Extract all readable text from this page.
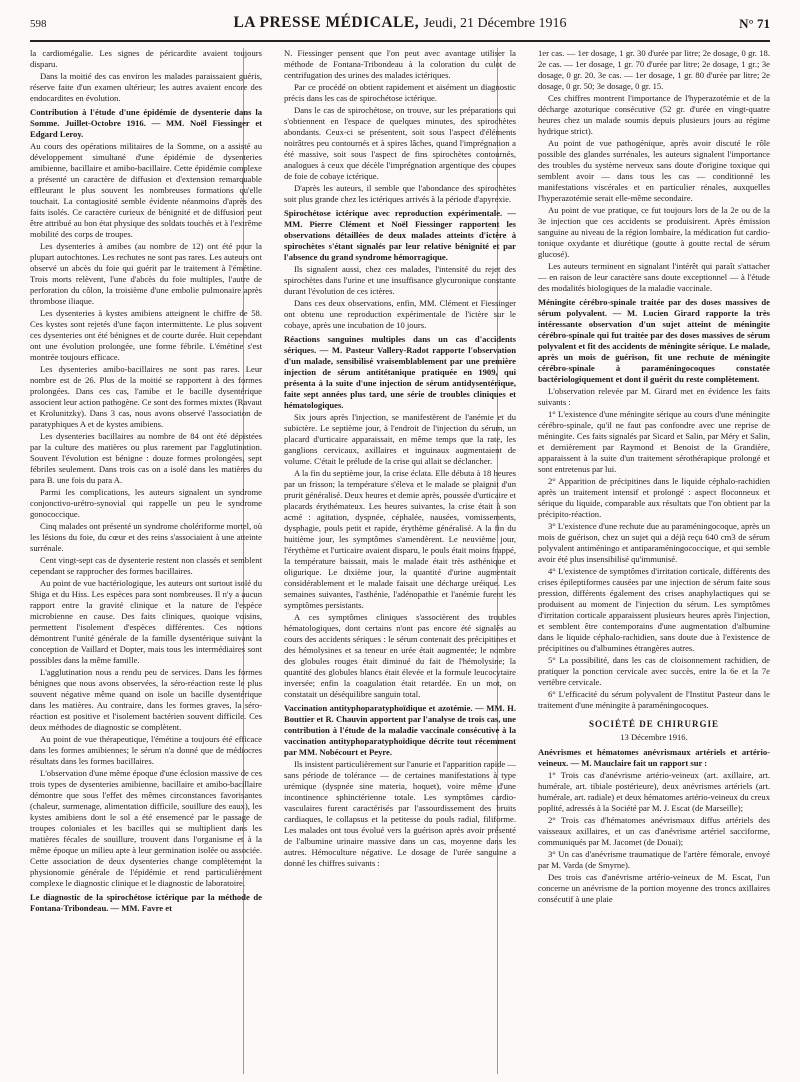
598	LA PRESSE MÉDICALE, Jeudi, 21 Décembre 1916	N° 71

la cardiomégalie. Les signes de péricardite avaient toujours disparu.

Dans la moitié des cas environ les malades paraissaient guéris, réserve faite d'un examen ultérieur; les autres avaient encore des endocardites en évolution.

Contribution à l'étude d'une épidémie de dysenterie dans la Somme. Juillet-Octobre 1916. — MM. Noël Fiessinger et Edgard Leroy.

Au cours des opérations militaires de la Somme, on a assisté au développement simultané d'une épidémie de dysenteries amibienne, bacillaire et amibo-bacillaire. Cette épidémie complexe a présenté un caractère de diffusion et d'extension remarquable effleurant le plus souvent les nombreuses formations qu'elle touchait. La contagiosité semble évidente néanmoins d'après des faits isolés. Ce caractère curieux de bénignité et de diffusion peut être attribué au bon état physique des soldats touchés et à l'extrême mobilité des corps de troupes.

Les dysenteries à amibes (au nombre de 12) ont été pour la plupart autochtones. Les rechutes ne sont pas rares. Les auteurs ont observé un abcès du foie qui guérit par le traitement à l'émétine. Trois morts relèvent, l'une d'abcès du foie multiples, l'autre de perforation du côlon, la troisième d'une embolie pulmonaire après thrombose iliaque.

Les dysenteries à kystes amibiens atteignent le chiffre de 58. Ces kystes sont rejetés d'une façon intermittente. Le plus souvent ces dysenteries ont été bénignes et de courte durée. Huit cependant ont une évolution prolongée, une forme fébrile. L'émétine s'est montrée toujours efficace.

Les dysenteries amibo-bacillaires ne sont pas rares. Leur nombre est de 26. Plus de la moitié se rapportent à des formes prolongées. Dans ces cas, l'amibe et le bacille dysentérique associent leur action pathogène. Ce sont des formes mixtes (Ravaut et Krolunitzky). Dans 3 cas, nous avons observé l'association de paratyphiques A et de kystes amibiens.

Les dysenteries bacillaires au nombre de 84 ont été dépistées par la culture des matières ou plus rarement par l'agglutination. Souvent l'évolution est bénigne : douze formes prolongées, sept fébriles seulement. Dans trois cas on a isolé dans les matières du para B. une fois du para A.

Parmi les complications, les auteurs signalent un syndrome conjonctivo-urétro-synovial qui rappelle un peu le syndrome gonococcique.

Cinq malades ont présenté un syndrome cholériforme mortel, où les lésions du foie, du cœur et des reins s'associaient à une atteinte surrénale.

Cent vingt-sept cas de dysenterie restent non classés et semblent cependant se rapprocher des formes bacillaires.

Au point de vue bactériologique, les auteurs ont surtout isolé du Shiga et du Hiss. Les espèces para sont nombreuses. Il n'y a aucun rapport entre la gravité clinique et la nature de l'espèce microbienne en cause. Des faits cliniques, quoique voisins, permettent l'isolement d'espèces différentes. Ces notions démontrent l'unité générale de la famille dysentérique suivant la conception de Vaillard et Dopter, mais tous les intermédiaires sont possibles dans la même famille.

L'agglutination nous a rendu peu de services. Dans les formes bénignes que nous avons observées, la séro-réaction reste le plus souvent négative même quand on isole un bacille dysentérique dans les matières. Au contraire, dans les formes graves, la séro-réaction est positive et l'isolement bactérien souvent difficile. Ces deux méthodes de diagnostic se complètent.

Au point de vue thérapeutique, l'émétine a toujours été efficace dans les formes amibiennes; le sérum n'a donné que de médiocres résultats dans les formes bacillaires.

L'observation d'une même époque d'une éclosion massive de ces trois types de dysenteries amibienne, bacillaire et amibo-bacillaire démontre que sous l'effet des mêmes circonstances favorisantes (chaleur, surmenage, alimentation difficile, souillure des eaux), les kystes amibiens dont le sol a été ensemencé par le passage de troupes coloniales et les bacilles qui se multiplient dans les matières fécales de souillure, trouvent dans l'organisme et à la même époque un milieu apte à leur germination isolée ou associée. Cette association de deux dysenteries change complètement la physionomie générale de l'épidémie et rend particulièrement complexe le diagnostic clinique et le diagnostic de laboratoire.

Le diagnostic de la spirochétose ictérique par la méthode de Fontana-Tribondeau. — MM. Favre et

N. Fiessinger pensent que l'on peut avec avantage utiliser la méthode de Fontana-Tribondeau à la coloration du culot de centrifugation des urines des malades ictériques.

Par ce procédé on obtient rapidement et aisément un diagnostic précis dans les cas de spirochétose ictérique.

Dans le cas de spirochétose, on trouve, sur les préparations qui s'obtiennent en l'espace de quelques minutes, des spirochètes abondants. Ceux-ci se présentent, soit sous l'aspect d'éléments noirâtres peu contournés et à spires lâches, quand l'imprégnation a été massive, soit sous l'aspect de fins spirochètes contournés, analogues à ceux que décèle l'imprégnation argentique des coupes de foie de cobaye ictérique.

D'après les auteurs, il semble que l'abondance des spirochètes soit plus grande chez les ictériques arrivés à la période d'apyrexie.

Spirochétose ictérique avec reproduction expérimentale. — MM. Pierre Clément et Noël Fiessinger rapportent les observations détaillées de deux malades atteints d'ictère à spirochètes s'étant signalés par leur relative bénignité et par l'absence du grand syndrome hémorragique.

Ils signalent aussi, chez ces malades, l'intensité du rejet des spirochètes dans l'urine et une insuffisance glycuronique constante durant l'évolution de ces ictères.

Dans ces deux observations, enfin, MM. Clément et Fiessinger ont obtenu une reproduction expérimentale de l'ictère sur le cobaye, après une incubation de 10 jours.

Réactions sanguines multiples dans un cas d'accidents sériques. — M. Pasteur Vallery-Radot rapporte l'observation d'un malade, sensibilisé vraisemblablement par une première injection de sérum antitétanique pratiquée en 1909, qui présenta à la suite d'une injection de sérum antidysentérique, faite sept années plus tard, une série de troubles cliniques et hématologiques.

Six jours après l'injection, se manifestèrent de l'anémie et du subictère. Le septième jour, à l'endroit de l'injection du sérum, un placard d'urticaire apparaissait, en même temps que la rate, les ganglions cervicaux, axillaires et inguinaux augmentaient de volume. C'était le prélude de la crise qui allait se déclancher.

A la fin du septième jour, la crise éclata. Elle débuta à 18 heures par un frisson; la température s'éleva et le malade se plaignit d'un prurit généralisé. Deux heures et demie après, poussée d'urticaire et placards érythémateux. Les heures suivantes, la crise était à son acmé : agitation, dyspnée, céphalée, nausées, vomissements, dysphagie, pouls petit et rapide, érythème généralisé. A la fin du huitième jour, les symptômes s'amendèrent. Le neuvième jour, l'érythème et l'urticaire avaient disparu, le pouls était moins frappé, la température baissait, mais le malade était très asthénique et oligurique. Le dixième jour, la quantité d'urine augmentait considérablement et le malade faisait une décharge uréique. Les semaines suivantes, l'asthénie, l'adénopathie et l'anémie furent les symptômes persistants.

A ces symptômes cliniques s'associèrent des troubles hématologiques, dont certains n'ont pas encore été signalés au cours des accidents sériques : le sérum contenait des précipitines et des hémolysines et sa teneur en urée était augmentée; le nombre des globules rouges était diminué du fait de l'hémolysine; la quantité des globules blancs était élevée et la formule leucocytaire inversée; enfin la coagulation était retardée. En un mot, on constatait un déséquilibre sanguin total.

Vaccination antityphoparatyphoïdique et azotémie. — MM. H. Bouttier et R. Chauvin apportent par l'analyse de trois cas, une contribution à l'étude de la maladie vaccinale consécutive à la vaccination antityphoparatyphoïdique décrite tout récemment par MM. Nobécourt et Peyre.

Ils insistent particulièrement sur l'anurie et l'apparition rapide — sans période de tolérance — de certaines manifestations à type urémique (dyspnée sine materia, hoquet), voire même d'une incontinence sphinctérienne totale. Les symptômes cardio-vasculaires furent caractérisés par l'assourdissement des bruits cardiaques, le collapsus et la petitesse du pouls radial, filiforme. Les malades ont tous évolué vers la guérison après avoir présenté de l'albumine urinaire massive dans un cas, moyenne dans les autres. Hémoculture négative. Le dosage de l'urée sanguine a donné les chiffres suivants :

1er cas. — 1er dosage, 1 gr. 30 d'urée par litre; 2e dosage, 0 gr. 18. 2e cas. — 1er dosage, 1 gr. 70 d'urée par litre; 2e dosage, 1 gr.; 3e dosage, 0 gr. 20. 3e cas. — 1er dosage, 1 gr. 80 d'urée par litre; 2e dosage, 0 gr. 50; 3e dosage, 0 gr. 15.

Ces chiffres montrent l'importance de l'hyperazotémie et de la décharge azoturique consécutive (52 gr. d'urée en vingt-quatre heures chez un malade soumis depuis plusieurs jours au régime hydrique strict).

Au point de vue pathogénique, après avoir discuté le rôle possible des glandes surrénales, les auteurs signalent l'importance des troubles du système nerveux sans doute d'origine toxique qui semblent avoir — dans tous les cas — conditionné les manifestations viscérales et en particulier rénales, auxquelles l'hyperazotémie serait elle-même secondaire.

Au point de vue pratique, ce fut toujours lors de la 2e ou de la 3e injection que ces accidents se produisirent. Après émission sanguine au niveau de la région lombaire, la médication fut cardio-tonique oxydante et diurétique (goutte à goutte rectal de sérum glucosé).

Les auteurs terminent en signalant l'intérêt qui paraît s'attacher — en raison de leur caractère sans doute exceptionnel — à l'étude des modalités biologiques de la maladie vaccinale.

Méningite cérébro-spinale traitée par des doses massives de sérum polyvalent. — M. Lucien Girard rapporte la très intéressante observation d'un sujet atteint de méningite cérébro-spinale qui fut traitée par des doses massives de sérum polyvalent et fit des accidents de méningite sérique. Le malade, après un mois de guérison, fit une rechute de méningite cérébro-spinale à paraméningocoques constatée bactériologiquement et dont il guérit du reste complètement.

L'observation relevée par M. Girard met en évidence les faits suivants :

1° L'existence d'une méningite sérique au cours d'une méningite cérébro-spinale, qu'il ne faut pas confondre avec une reprise de méningite. Ces faits signalés par Sicard et Salin, par Méry et Salin, et dernièrement par Raymond et Benoist de la Grandière, apparaissent à la suite d'un traitement sérothérapique prolongé et sont entretenus par lui.

2° Apparition de précipitines dans le liquide céphalo-rachidien après un traitement intensif et prolongé : aspect floconneux et sérique du liquide, comparable aux résultats que l'on obtient par la précipito-réaction.

3° L'existence d'une rechute due au paraméningocoque, après un mois de guérison, chez un sujet qui a déjà reçu 640 cm3 de sérum polyvalent antiméningo et antiparaméningococcique, et qui semble avoir été plus insensibilisé qu'immunisé.

4° L'existence de symptômes d'irritation corticale, différents des crises épileptiformes causées par une injection de sérum faite sous pression, différents également des crises anaphylactiques qui se produisent au moment de l'injection du sérum. Les symptômes d'irritation corticale apparaissent plusieurs heures après l'injection, et semblent être contemporains d'une augmentation d'albumine dans le liquide céphalo-rachidien, sans doute due à l'existence de précipitines ou d'albumines étrangères autres.

5° La possibilité, dans les cas de cloisonnement rachidien, de pratiquer la ponction cervicale avec succès, entre la 6e et la 7e vertèbre cervicale.

6° L'efficacité du sérum polyvalent de l'Institut Pasteur dans le traitement d'une méningite à paraméningocoques.

SOCIÉTÉ DE CHIRURGIE

13 Décembre 1916.

Anévrismes et hématomes anévrismaux artériels et artério-veineux. — M. Mauclaire fait un rapport sur :

1° Trois cas d'anévrisme artério-veineux (art. axillaire, art. humérale, art. tibiale postérieure), deux anévrismes artériels (art. humérale, art. radiale) et deux hématomes artério-veineux du creux poplité, adressés à la Société par M. J. Escat (de Marseille);

2° Trois cas d'hématomes anévrismaux diffus artériels des vaisseaux axillaires, et un cas d'anévrisme artériel sacciforme, communiqués par M. Jacomet (de Douai);

3° Un cas d'anévrisme traumatique de l'artère fémorale, envoyé par M. Varda (de Smyrne).

Des trois cas d'anévrisme artério-veineux de M. Escat, l'un concerne un anévrisme de la portion moyenne des troncs axillaires consécutif à une plaie
